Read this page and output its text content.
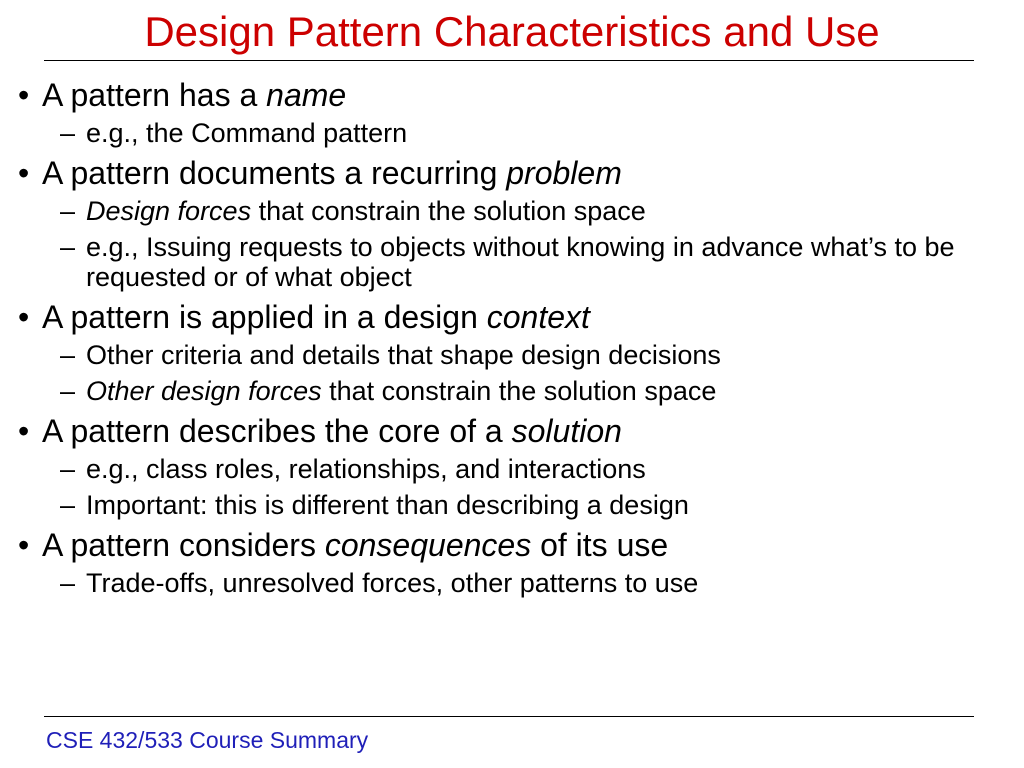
Design Pattern Characteristics and Use
• A pattern has a name
– e.g., the Command pattern
• A pattern documents a recurring problem
– Design forces that constrain the solution space
– e.g., Issuing requests to objects without knowing in advance what’s to be requested or of what object
• A pattern is applied in a design context
– Other criteria and details that shape design decisions
– Other design forces that constrain the solution space
• A pattern describes the core of a solution
– e.g., class roles, relationships, and interactions
– Important: this is different than describing a design
• A pattern considers consequences of its use
– Trade-offs, unresolved forces, other patterns to use
CSE 432/533 Course Summary
